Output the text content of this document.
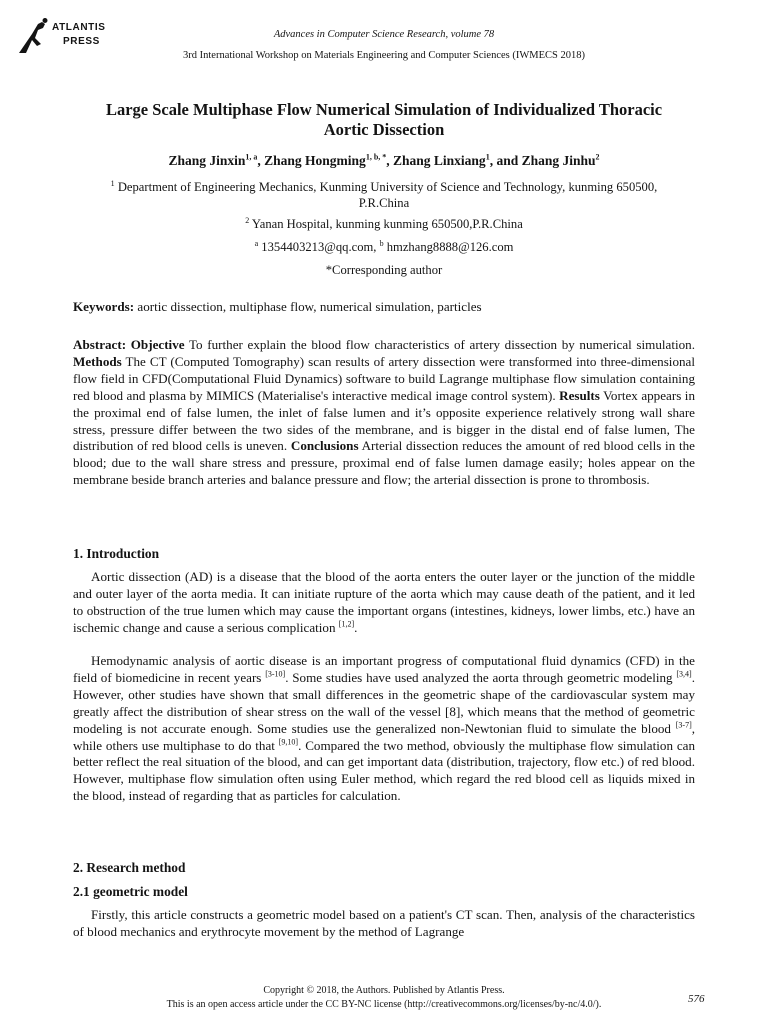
ATLANTIS
PRESS
Advances in Computer Science Research, volume 78
3rd International Workshop on Materials Engineering and Computer Sciences (IWMECS 2018)
Large Scale Multiphase Flow Numerical Simulation of Individualized Thoracic
Aortic Dissection
Zhang Jinxin$^{1, a}$, Zhang Hongming$^{1, b, *}$, Zhang Linxiang$^1$, and Zhang Jinhu$^2$
$^1$ Department of Engineering Mechanics, Kunming University of Science and Technology, kunming 650500,
P.R.China
$^2$ Yanan Hospital, kunming kunming 650500,P.R.China
$^a$ 1354403213@qq.com, $^b$ hmzhang8888@126.com
*Corresponding author
Keywords: aortic dissection, multiphase flow, numerical simulation, particles
Abstract: Objective To further explain the blood flow characteristics of artery dissection by numerical simulation. Methods The CT (Computed Tomography) scan results of artery dissection were transformed into three-dimensional flow field in CFD(Computational Fluid Dynamics) software to build Lagrange multiphase flow simulation containing red blood and plasma by MIMICS (Materialise's interactive medical image control system). Results Vortex appears in the proximal end of false lumen, the inlet of false lumen and it’s opposite experience relatively strong wall share stress, pressure differ between the two sides of the membrane, and is bigger in the distal end of false lumen, The distribution of red blood cells is uneven. Conclusions Arterial dissection reduces the amount of red blood cells in the blood; due to the wall share stress and pressure, proximal end of false lumen damage easily; holes appear on the membrane beside branch arteries and balance pressure and flow; the arterial dissection is prone to thrombosis.
1. Introduction
Aortic dissection (AD) is a disease that the blood of the aorta enters the outer layer or the junction of the middle and outer layer of the aorta media. It can initiate rupture of the aorta which may cause death of the patient, and it led to obstruction of the true lumen which may cause the important organs (intestines, kidneys, lower limbs, etc.) have an ischemic change and cause a serious complication [1,2].
Hemodynamic analysis of aortic disease is an important progress of computational fluid dynamics (CFD) in the field of biomedicine in recent years [3-10]. Some studies have used analyzed the aorta through geometric modeling [3,4]. However, other studies have shown that small differences in the geometric shape of the cardiovascular system may greatly affect the distribution of shear stress on the wall of the vessel [8], which means that the method of geometric modeling is not accurate enough. Some studies use the generalized non-Newtonian fluid to simulate the blood [3-7], while others use multiphase to do that [9,10]. Compared the two method, obviously the multiphase flow simulation can better reflect the real situation of the blood, and can get important data (distribution, trajectory, flow etc.) of red blood. However, multiphase flow simulation often using Euler method, which regard the red blood cell as liquids mixed in the blood, instead of regarding that as particles for calculation.
2. Research method
2.1 geometric model
Firstly, this article constructs a geometric model based on a patient's CT scan. Then, analysis of the characteristics of blood mechanics and erythrocyte movement by the method of Lagrange
Copyright © 2018, the Authors. Published by Atlantis Press.
This is an open access article under the CC BY-NC license (http://creativecommons.org/licenses/by-nc/4.0/).	576
